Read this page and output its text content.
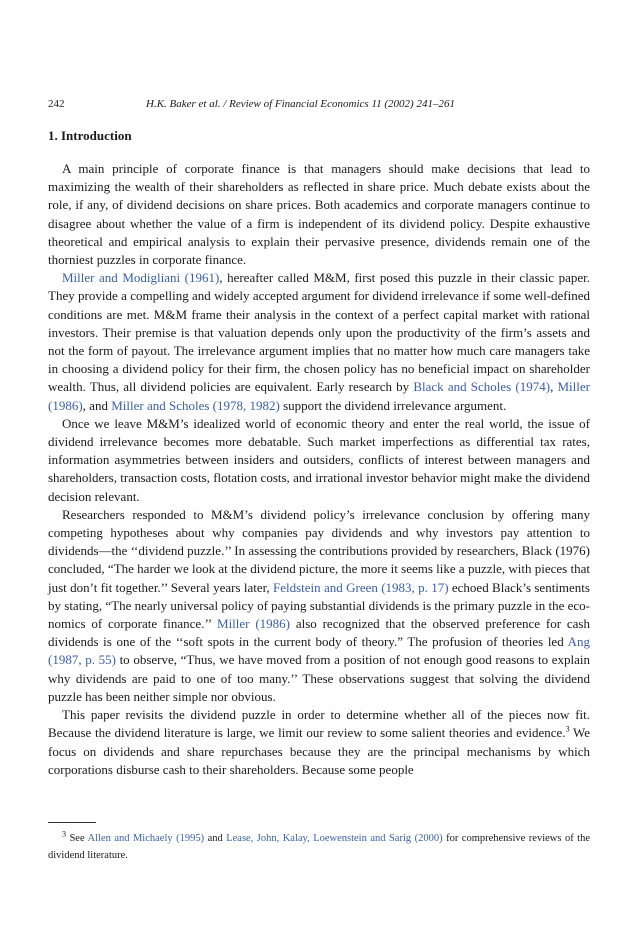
242	H.K. Baker et al. / Review of Financial Economics 11 (2002) 241–261
1. Introduction

A main principle of corporate finance is that managers should make decisions that lead to maximizing the wealth of their shareholders as reflected in share price. Much debate exists about the role, if any, of dividend decisions on share prices. Both academics and corporate managers continue to disagree about whether the value of a firm is independent of its dividend policy. Despite exhaustive theoretical and empirical analysis to explain their pervasive presence, dividends remain one of the thorniest puzzles in corporate finance.

Miller and Modigliani (1961), hereafter called M&M, first posed this puzzle in their classic paper. They provide a compelling and widely accepted argument for dividend irrelevance if some well-defined conditions are met. M&M frame their analysis in the context of a perfect capital market with rational investors. Their premise is that valuation depends only upon the productivity of the firm’s assets and not the form of payout. The irrelevance argument implies that no matter how much care managers take in choosing a dividend policy for their firm, the chosen policy has no beneficial impact on shareholder wealth. Thus, all dividend policies are equivalent. Early research by Black and Scholes (1974), Miller (1986), and Miller and Scholes (1978, 1982) support the dividend irrelevance argument.

Once we leave M&M’s idealized world of economic theory and enter the real world, the issue of dividend irrelevance becomes more debatable. Such market imperfections as differential tax rates, information asymmetries between insiders and outsiders, conflicts of interest between managers and shareholders, transaction costs, flotation costs, and irrational investor behavior might make the dividend decision relevant.

Researchers responded to M&M’s dividend policy’s irrelevance conclusion by offering many competing hypotheses about why companies pay dividends and why investors pay attention to dividends—the ‘‘dividend puzzle.’’ In assessing the contributions provided by researchers, Black (1976) concluded, “The harder we look at the dividend picture, the more it seems like a puzzle, with pieces that just don’t fit together.’’ Several years later, Feldstein and Green (1983, p. 17) echoed Black’s sentiments by stating, “The nearly universal policy of paying substantial dividends is the primary puzzle in the eco-nomics of corporate finance.’’ Miller (1986) also recognized that the observed preference for cash dividends is one of the ‘‘soft spots in the current body of theory.” The profusion of theories led Ang (1987, p. 55) to observe, “Thus, we have moved from a position of not enough good reasons to explain why dividends are paid to one of too many.’’ These observations suggest that solving the dividend puzzle has been neither simple nor obvious.

This paper revisits the dividend puzzle in order to determine whether all of the pieces now fit. Because the dividend literature is large, we limit our review to some salient theories and evidence.$^3$ We focus on dividends and share repurchases because they are the principal mechanisms by which corporations disburse cash to their shareholders. Because some people

$^3$ See Allen and Michaely (1995) and Lease, John, Kalay, Loewenstein and Sarig (2000) for comprehensive reviews of the dividend literature.
